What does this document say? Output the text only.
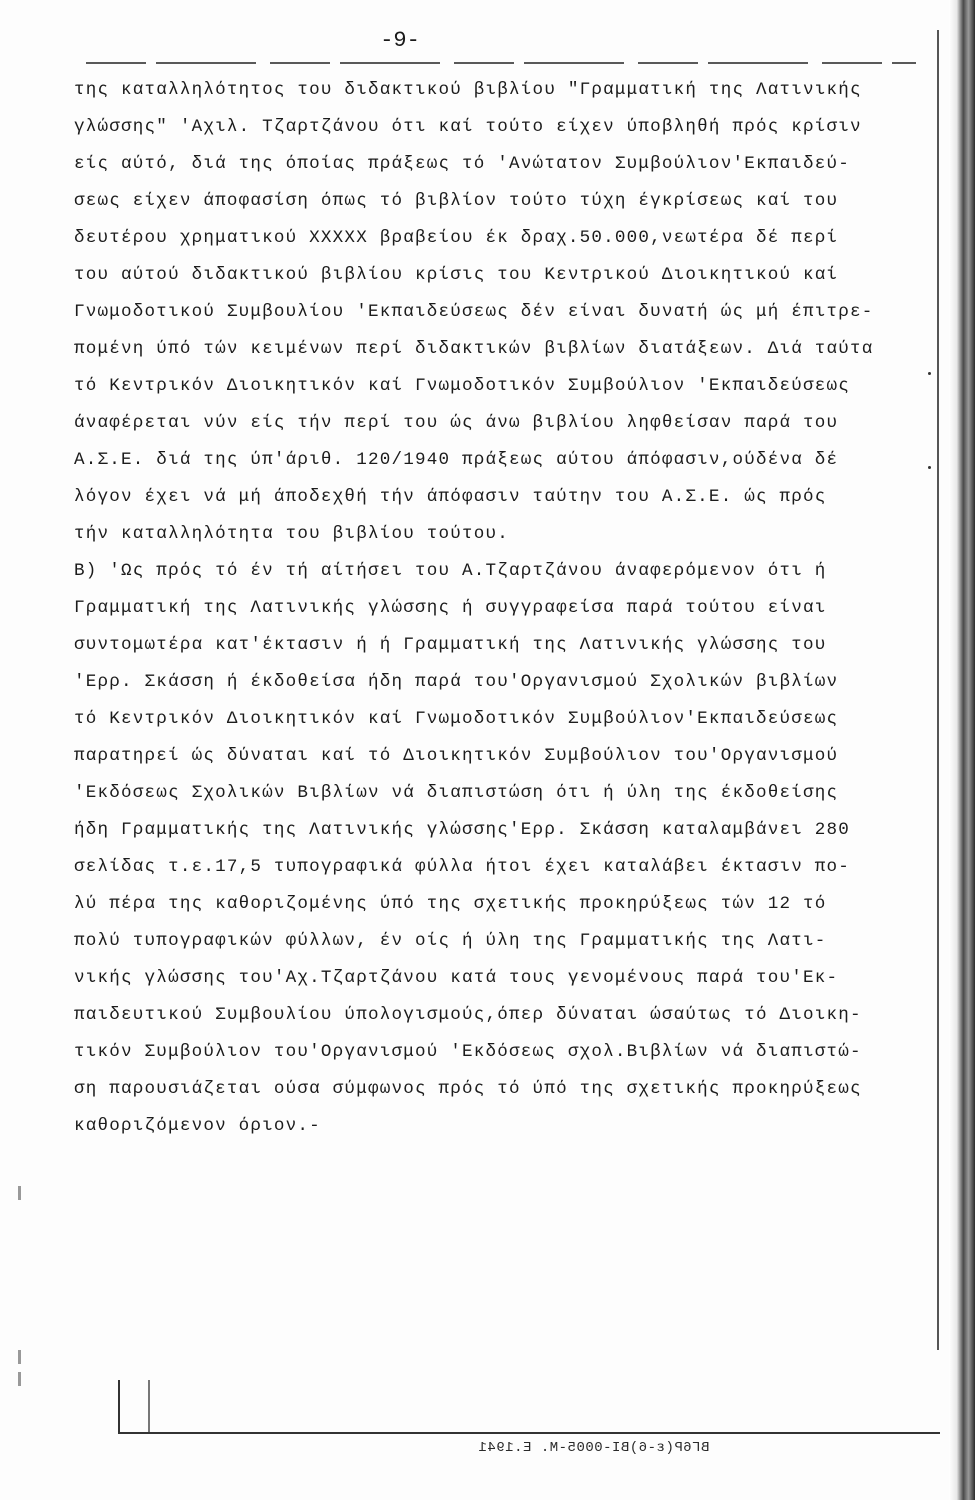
-9-
της καταλληλότητος του διδακτικού βιβλίου "Γραμματική της Λατινικής
γλώσσης" 'Αχιλ. Τζαρτζάνου ότι καί τούτο είχεν ύποβληθή πρός κρίσιν
είς αύτό, διά της όποίας πράξεως τό 'Ανώτατον Συμβούλιον'Εκπαιδεύ-
σεως είχεν άποφασίση όπως τό βιβλίον τούτο τύχη έγκρίσεως καί του
δευτέρου χρηματικού ΧΧΧΧΧ βραβείου έκ δραχ.50.000,νεωτέρα δέ περί
του αύτού διδακτικού βιβλίου κρίσις του Κεντρικού Διοικητικού καί
Γνωμοδοτικού Συμβουλίου 'Εκπαιδεύσεως δέν είναι δυνατή ώς μή έπιτρε-
πομένη ύπό τών κειμένων περί διδακτικών βιβλίων διατάξεων. Διά ταύτα
τό Κεντρικόν Διοικητικόν καί Γνωμοδοτικόν Συμβούλιον 'Εκπαιδεύσεως
άναφέρεται νύν είς τήν περί του ώς άνω βιβλίου ληφθείσαν παρά του
Α.Σ.Ε. διά της ύπ'άριθ. 120/1940 πράξεως αύτου άπόφασιν,ούδένα δέ
λόγον έχει νά μή άποδεχθή τήν άπόφασιν ταύτην του Α.Σ.Ε. ώς πρός
τήν καταλληλότητα του βιβλίου τούτου.
Β) 'Ως πρός τό έν τή αίτήσει του Α.Τζαρτζάνου άναφερόμενον ότι ή
Γραμματική της Λατινικής γλώσσης ή συγγραφείσα παρά τούτου είναι
συντομωτέρα κατ'έκτασιν ή ή Γραμματική της Λατινικής γλώσσης του
'Ερρ. Σκάσση ή έκδοθείσα ήδη παρά του'Οργανισμού Σχολικών βιβλίων
τό Κεντρικόν Διοικητικόν καί Γνωμοδοτικόν Συμβούλιον'Εκπαιδεύσεως
παρατηρεί ώς δύναται καί τό Διοικητικόν Συμβούλιον του'Οργανισμού
'Εκδόσεως Σχολικών Βιβλίων νά διαπιστώση ότι ή ύλη της έκδοθείσης
ήδη Γραμματικής της Λατινικής γλώσσης'Ερρ. Σκάσση καταλαμβάνει 280
σελίδας τ.ε.17,5 τυπογραφικά φύλλα ήτοι έχει καταλάβει έκτασιν πο-
λύ πέρα της καθοριζομένης ύπό της σχετικής προκηρύξεως τών 12 τό
πολύ τυπογραφικών φύλλων, έν οίς ή ύλη της Γραμματικής της Λατι-
νικής γλώσσης του'Αχ.Τζαρτζάνου κατά τους γενομένους παρά του'Εκ-
παιδευτικού Συμβουλίου ύπολογισμούς,όπερ δύναται ώσαύτως τό Διοικη-
τικόν Συμβούλιον του'Οργανισμού 'Εκδόσεως σχολ.Βιβλίων νά διαπιστώ-
ση παρουσιάζεται ούσα σύμφωνος πρός τό ύπό της σχετικής προκηρύξεως
καθοριζόμενον όριον.-
ΒΓ6Ρ(ε-6)ΒΙ-0005-Μ. Ε.1941
